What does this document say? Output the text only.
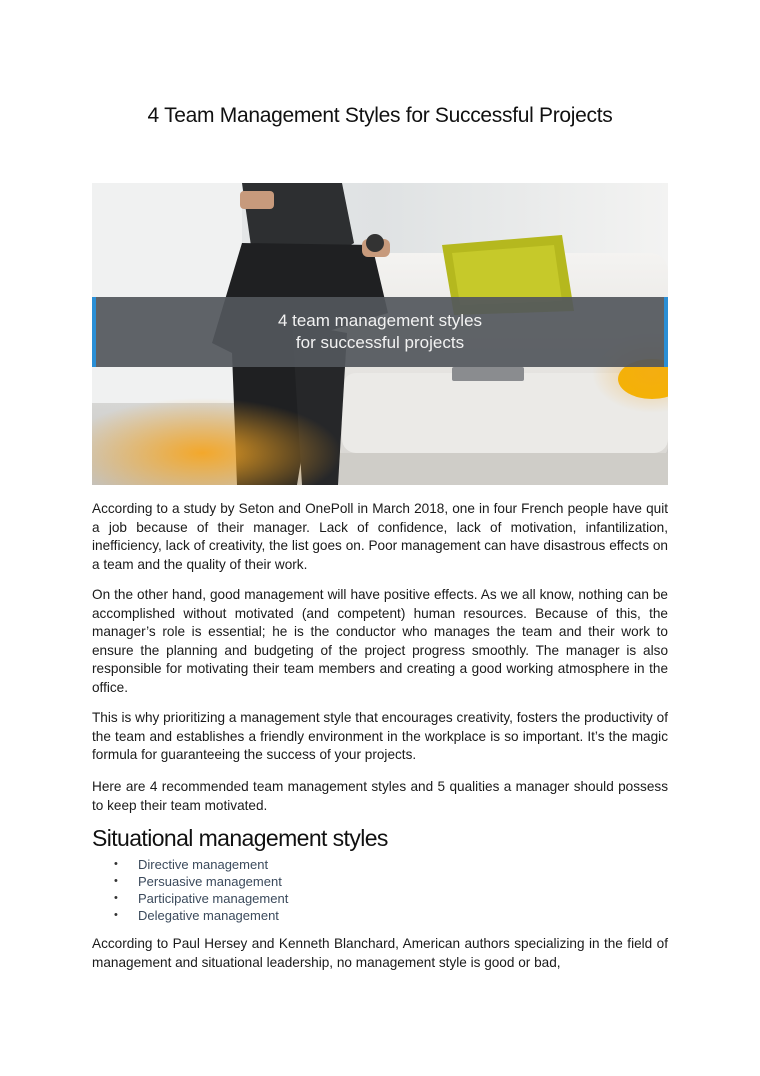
4 Team Management Styles for Successful Projects
4 team management styles
for successful projects

According to a study by Seton and OnePoll in March 2018, one in four French people have quit a job because of their manager. Lack of confidence, lack of motivation, infantilization, inefficiency, lack of creativity, the list goes on. Poor management can have disastrous effects on a team and the quality of their work.

On the other hand, good management will have positive effects. As we all know, nothing can be accomplished without motivated (and competent) human resources. Because of this, the manager’s role is essential; he is the conductor who manages the team and their work to ensure the planning and budgeting of the project progress smoothly. The manager is also responsible for motivating their team members and creating a good working atmosphere in the office.

This is why prioritizing a management style that encourages creativity, fosters the productivity of the team and establishes a friendly environment in the workplace is so important. It’s the magic formula for guaranteeing the success of your projects.

Here are 4 recommended team management styles and 5 qualities a manager should possess to keep their team motivated.

Situational management styles
• Directive management
• Persuasive management
• Participative management
• Delegative management

According to Paul Hersey and Kenneth Blanchard, American authors specializing in the field of management and situational leadership, no management style is good or bad,
